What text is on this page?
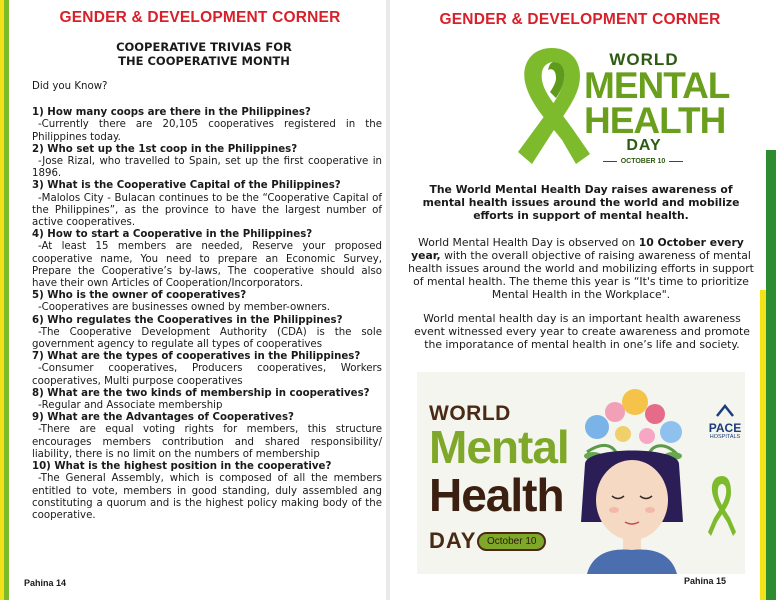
GENDER & DEVELOPMENT CORNER
COOPERATIVE TRIVIAS FOR
THE COOPERATIVE MONTH
Did you Know?
1) How many coops are there in the Philippines?
-Currently there are 20,105 cooperatives registered in the Philippines today.
2) Who set up the 1st coop in the Philippines?
-Jose Rizal, who travelled to Spain, set up the first cooperative in 1896.
3) What is the Cooperative Capital of the Philippines?
-Malolos City - Bulacan continues to be the “Cooperative Capital of the Philippines”, as the province to have the largest number of active cooperatives.
4) How to start a Cooperative in the Philippines?
-At least 15 members are needed, Reserve your proposed cooperative name, You need to prepare an Economic Survey, Prepare the Cooperative’s by-laws, The cooperative should also have their own Articles of Cooperation/Incorporators.
5) Who is the owner of cooperatives?
-Cooperatives are businesses owned by member-owners.
6) Who regulates the Cooperatives in the Philippines?
-The Cooperative Development Authority (CDA) is the sole government agency to regulate all types of cooperatives
7) What are the types of cooperatives in the Philippines?
-Consumer cooperatives, Producers cooperatives, Workers cooperatives, Multi purpose cooperatives
8) What are the two kinds of membership in cooperatives?
-Regular and Associate membership
9) What are the Advantages of Cooperatives?
-There are equal voting rights for members, this structure encourages members contribution and shared responsibility/ liability, there is no limit on the numbers of membership
10) What is the highest position in the cooperative?
-The General Assembly, which is composed of all the members entitled to vote, members in good standing, duly assembled ang constituting a quorum and is the highest policy making body of the cooperative.
Pahina 14
GENDER & DEVELOPMENT CORNER
WORLD
MENTAL
HEALTH
DAY
OCTOBER 10
The World Mental Health Day raises awareness of mental health issues around the world and mobilize efforts in support of mental health.
World Mental Health Day is observed on 10 October every year, with the overall objective of raising awareness of mental health issues around the world and mobilizing efforts in support of mental health. The theme this year is “It's time to prioritize Mental Health in the Workplace".
World mental health day is an important health awareness event witnessed every year to create awareness and promote the imporatance of mental health in one’s life and society.
WORLD
Mental
Health
DAY	October 10
PACE
HOSPITALS
Pahina 15
